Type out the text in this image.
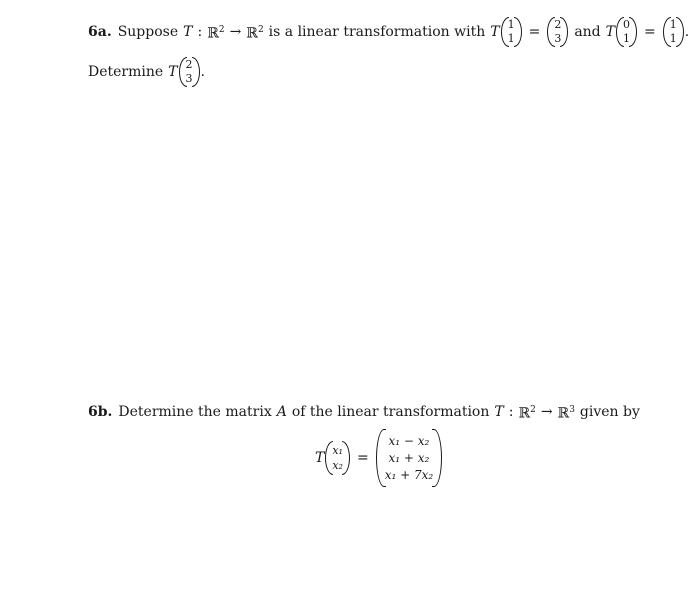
6a. Suppose T : ℝ$^2$ → ℝ$^2$ is a linear transformation with T 1
1 = 2
3 and T 0
1 = 1
1 .
Determine T 2
3 .
6b. Determine the matrix A of the linear transformation T : ℝ$^2$ → ℝ$^3$ given by
T x₁
x₂ =
x₁ − x₂
x₁ + x₂
x₁ + 7x₂
